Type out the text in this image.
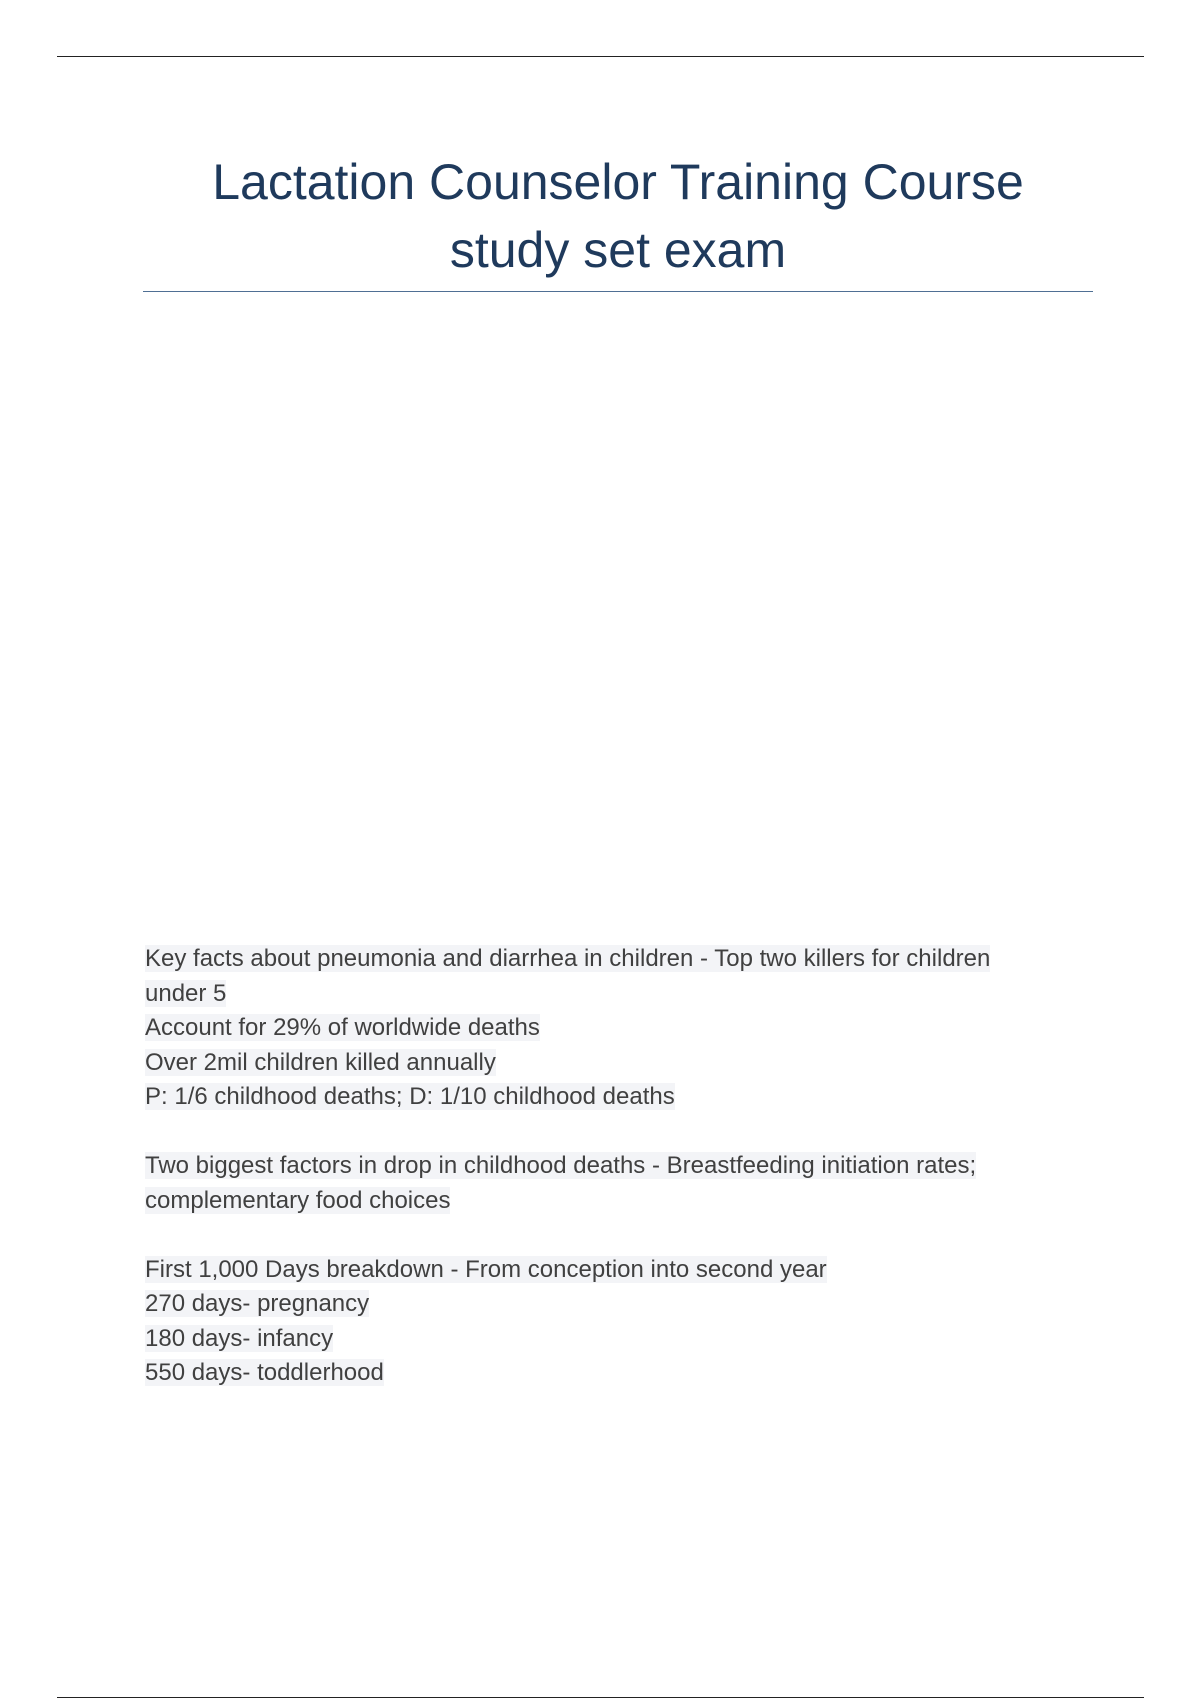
Lactation Counselor Training Course
study set exam
Key facts about pneumonia and diarrhea in children - Top two killers for children
under 5
Account for 29% of worldwide deaths
Over 2mil children killed annually
P: 1/6 childhood deaths; D: 1/10 childhood deaths
Two biggest factors in drop in childhood deaths - Breastfeeding initiation rates;
complementary food choices
First 1,000 Days breakdown - From conception into second year
270 days- pregnancy
180 days- infancy
550 days- toddlerhood
